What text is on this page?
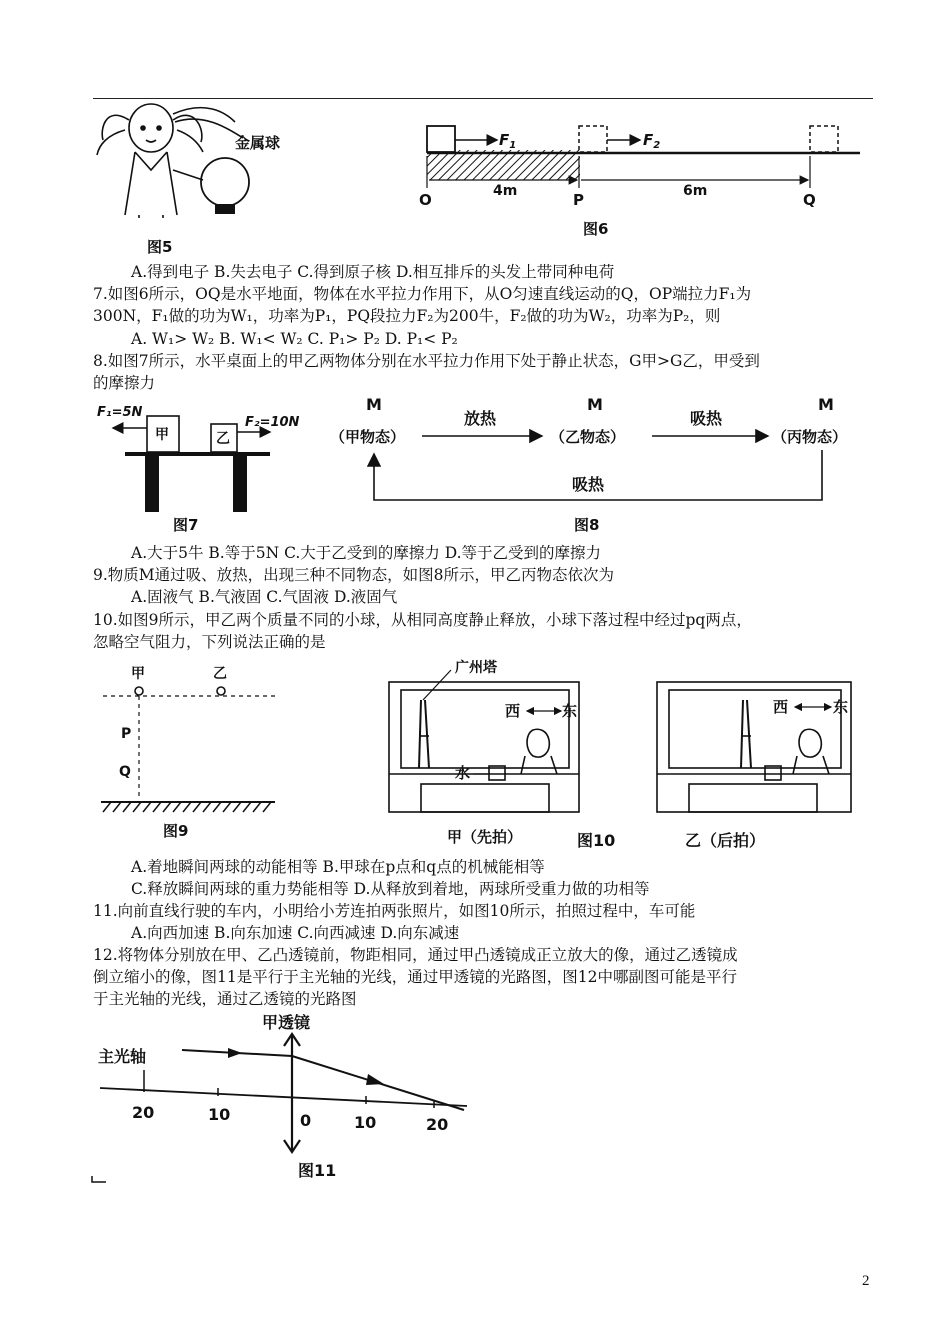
金属球
图5
$F_1$	$F_2$
4m	6m
O	P	Q
图6
A.得到电子 B.失去电子 C.得到原子核 D.相互排斥的头发上带同种电荷
7.如图6所示，OQ是水平地面，物体在水平拉力作用下，从O匀速直线运动的Q，OP端拉力F₁为
300N，F₁做的功为W₁，功率为P₁，PQ段拉力F₂为200牛，F₂做的功为W₂，功率为P₂，则
A. W₁> W₂ B. W₁< W₂ C. P₁> P₂ D. P₁< P₂
8.如图7所示，水平桌面上的甲乙两物体分别在水平拉力作用下处于静止状态，G甲>G乙，甲受到
的摩擦力
甲	乙
F₁=5N
F₂=10N
图7
M	M	M
（甲物态）	（乙物态）	（丙物态）
放热	吸热
吸热
图8
A.大于5牛 B.等于5N C.大于乙受到的摩擦力 D.等于乙受到的摩擦力
9.物质M通过吸、放热，出现三种不同物态，如图8所示，甲乙丙物态依次为
A.固液气 B.气液固 C.气固液 D.液固气
10.如图9所示，甲乙两个质量不同的小球，从相同高度静止释放，小球下落过程中经过pq两点，
忽略空气阻力，下列说法正确的是
甲	乙
P
Q
图9
广州塔
西	东
水
西	东
甲（先拍）	图10	乙（后拍）
A.着地瞬间两球的动能相等 B.甲球在p点和q点的机械能相等
C.释放瞬间两球的重力势能相等 D.从释放到着地，两球所受重力做的功相等
11.向前直线行驶的车内，小明给小芳连拍两张照片，如图10所示，拍照过程中，车可能
A.向西加速 B.向东加速 C.向西减速 D.向东减速
12.将物体分别放在甲、乙凸透镜前，物距相同，通过甲凸透镜成正立放大的像，通过乙透镜成
倒立缩小的像，图11是平行于主光轴的光线，通过甲透镜的光路图，图12中哪副图可能是平行
于主光轴的光线，通过乙透镜的光路图
甲透镜
主光轴
20	10	0	10	20
图11
2
